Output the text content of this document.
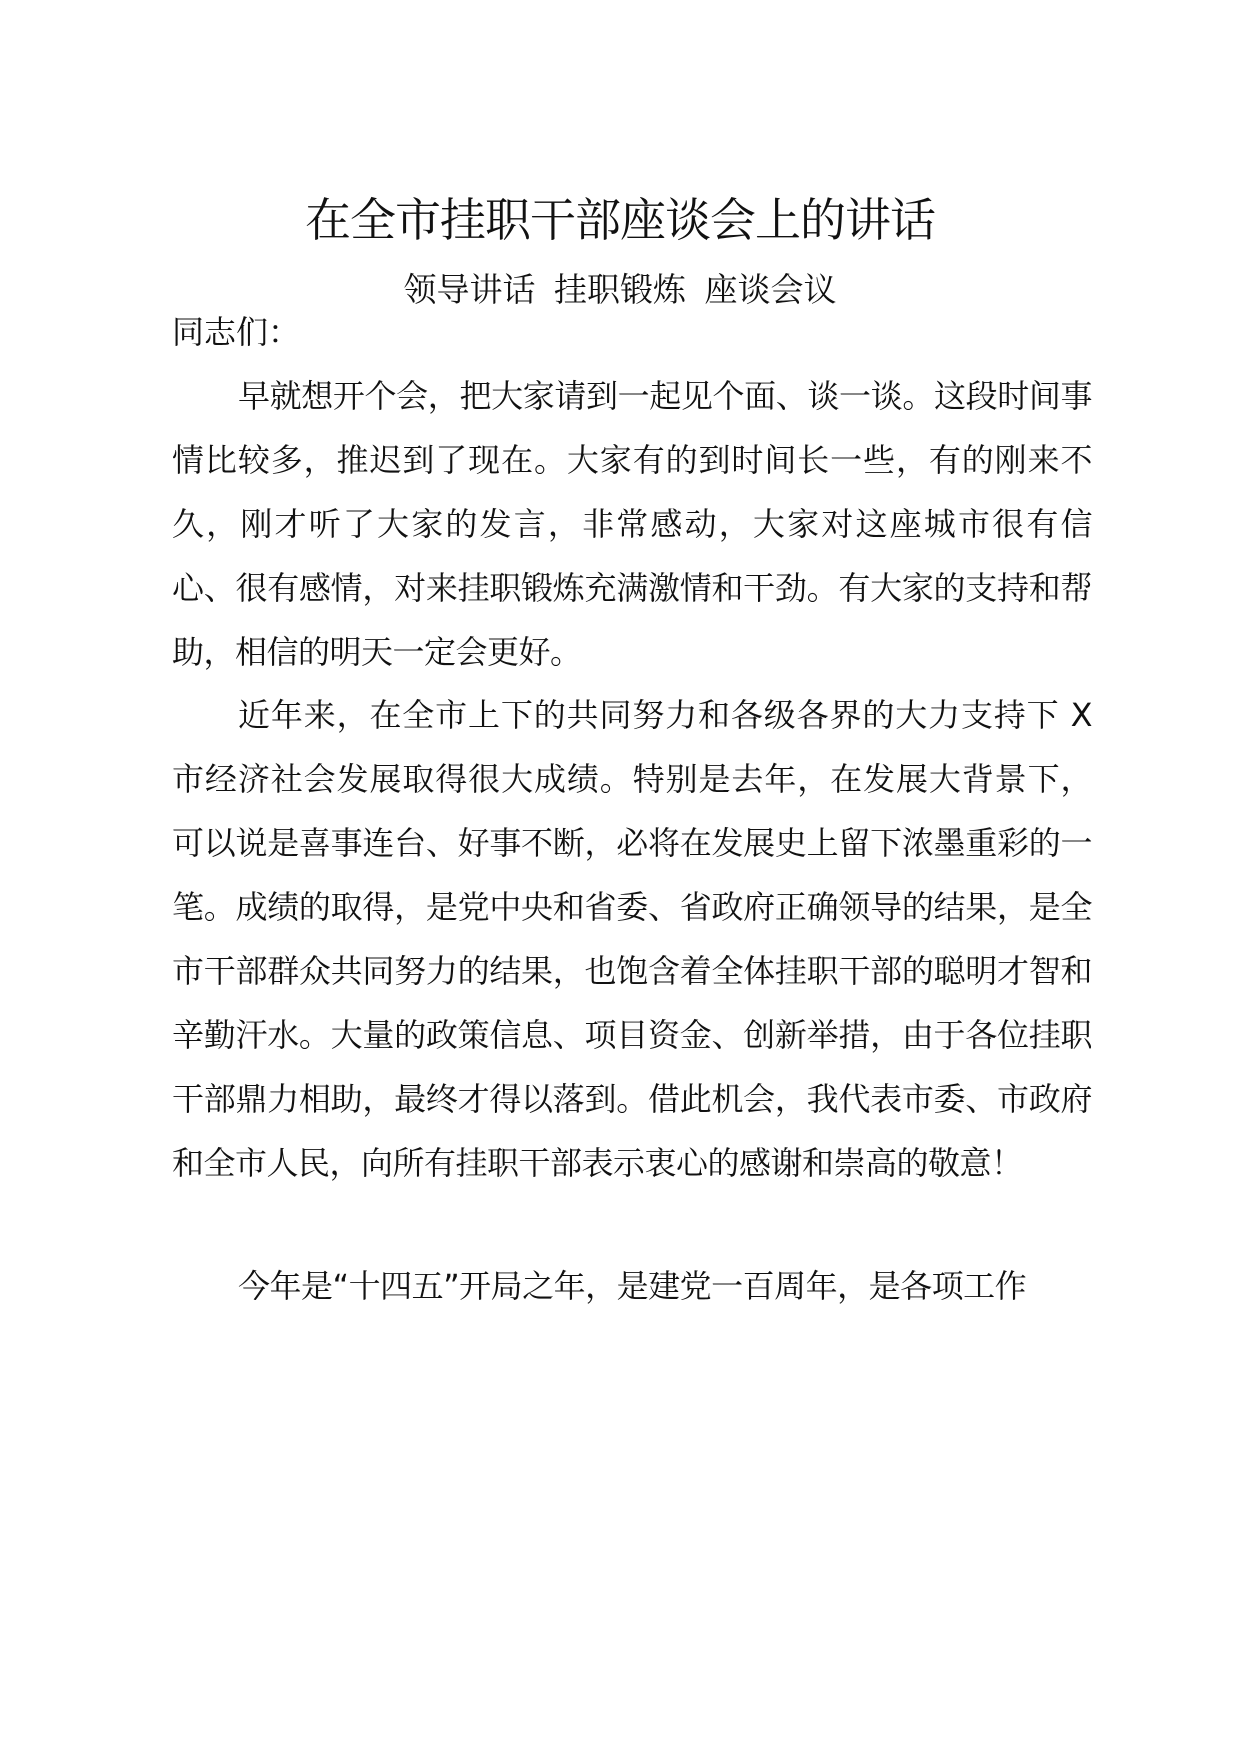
在全市挂职干部座谈会上的讲话
领导讲话 挂职锻炼 座谈会议
同志们：
早就想开个会，把大家请到一起见个面、谈一谈。这段时间事情比较多，推迟到了现在。大家有的到时间长一些，有的刚来不久，刚才听了大家的发言，非常感动，大家对这座城市很有信 心、很有感情，对来挂职锻炼充满激情和干劲。有大家的支持和帮助，相信的明天一定会更好。
近年来，在全市上下的共同努力和各级各界的大力支持下 X 市经济社会发展取得很大成绩。特别是去年，在发展大背景下， 可以说是喜事连台、好事不断，必将在发展史上留下浓墨重彩的一笔。成绩的取得，是党中央和省委、省政府正确领导的结果，是全市干部群众共同努力的结果，也饱含着全体挂职干部的聪明才智和辛勤汗水。大量的政策信息、项目资金、创新举措，由于各位挂职干部鼎力相助，最终才得以落到。借此机会，我代表市委、市政府和全市人民，向所有挂职干部表示衷心的感谢和崇高的敬意！
今年是“十四五”开局之年，是建党一百周年，是各项工作
